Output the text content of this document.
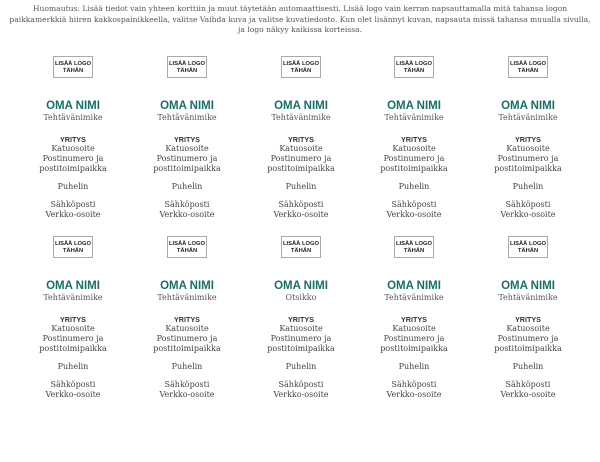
Huomautus: Lisää tiedot vain yhteen korttiin ja muut täytetään automaattisesti. Lisää logo vain kerran napsauttamalla mitä tahansa logon paikkamerkkiä hiiren kakkospainikkeella, valitse Vaihda kuva ja valitse kuvatiedosto. Kun olet lisännyt kuvan, napsauta missä tahansa muualla sivulla, ja logo näkyy kaikissa korteissa.
LISÄÄ LOGO TÄHÄN
OMA NIMI
Tehtävänimike
YRITYS
Katuosoite
Postinumero ja
postitoimipaikka
Puhelin
Sähköposti
Verkko-osoite
LISÄÄ LOGO TÄHÄN
OMA NIMI
Tehtävänimike
YRITYS
Katuosoite
Postinumero ja
postitoimipaikka
Puhelin
Sähköposti
Verkko-osoite
LISÄÄ LOGO TÄHÄN
OMA NIMI
Tehtävänimike
YRITYS
Katuosoite
Postinumero ja
postitoimipaikka
Puhelin
Sähköposti
Verkko-osoite
LISÄÄ LOGO TÄHÄN
OMA NIMI
Tehtävänimike
YRITYS
Katuosoite
Postinumero ja
postitoimipaikka
Puhelin
Sähköposti
Verkko-osoite
LISÄÄ LOGO TÄHÄN
OMA NIMI
Tehtävänimike
YRITYS
Katuosoite
Postinumero ja
postitoimipaikka
Puhelin
Sähköposti
Verkko-osoite
LISÄÄ LOGO TÄHÄN
OMA NIMI
Tehtävänimike
YRITYS
Katuosoite
Postinumero ja
postitoimipaikka
Puhelin
Sähköposti
Verkko-osoite
LISÄÄ LOGO TÄHÄN
OMA NIMI
Tehtävänimike
YRITYS
Katuosoite
Postinumero ja
postitoimipaikka
Puhelin
Sähköposti
Verkko-osoite
LISÄÄ LOGO TÄHÄN
OMA NIMI
Otsikko
YRITYS
Katuosoite
Postinumero ja
postitoimipaikka
Puhelin
Sähköposti
Verkko-osoite
LISÄÄ LOGO TÄHÄN
OMA NIMI
Tehtävänimike
YRITYS
Katuosoite
Postinumero ja
postitoimipaikka
Puhelin
Sähköposti
Verkko-osoite
LISÄÄ LOGO TÄHÄN
OMA NIMI
Tehtävänimike
YRITYS
Katuosoite
Postinumero ja
postitoimipaikka
Puhelin
Sähköposti
Verkko-osoite
